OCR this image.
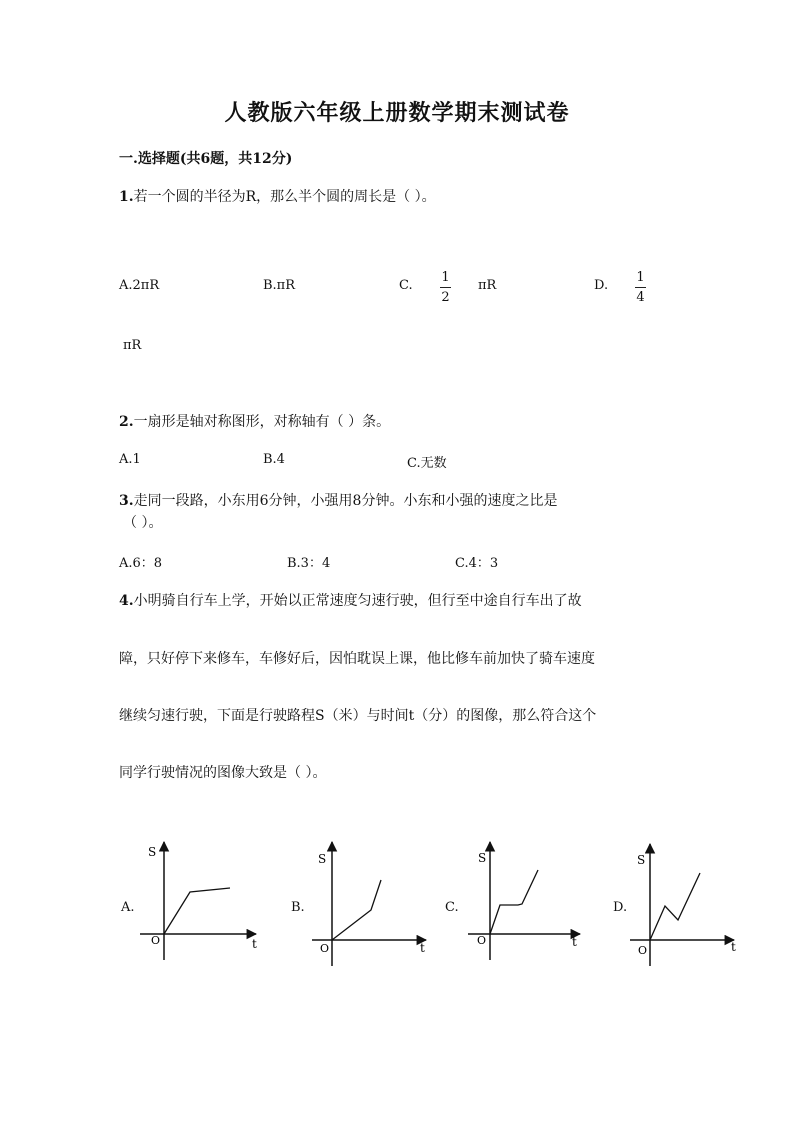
人教版六年级上册数学期末测试卷
一.选择题(共6题，共12分)
1.若一个圆的半径为R，那么半个圆的周长是（ ）。
A.2πR	B.πR	C.
1
2
πR	D.
1
4
πR
2.一扇形是轴对称图形，对称轴有（ ）条。
A.1	B.4	C.无数
3.走同一段路，小东用6分钟，小强用8分钟。小东和小强的速度之比是
（ ）。
A.6：8	B.3：4	C.4：3
4.小明骑自行车上学，开始以正常速度匀速行驶，但行至中途自行车出了故
障，只好停下来修车，车修好后，因怕耽误上课，他比修车前加快了骑车速度
继续匀速行驶，下面是行驶路程S（米）与时间t（分）的图像，那么符合这个
同学行驶情况的图像大致是（ ）。
A.
S
t
O
B.
S
t
O
C.
S
t
O
D.
S
t
O
